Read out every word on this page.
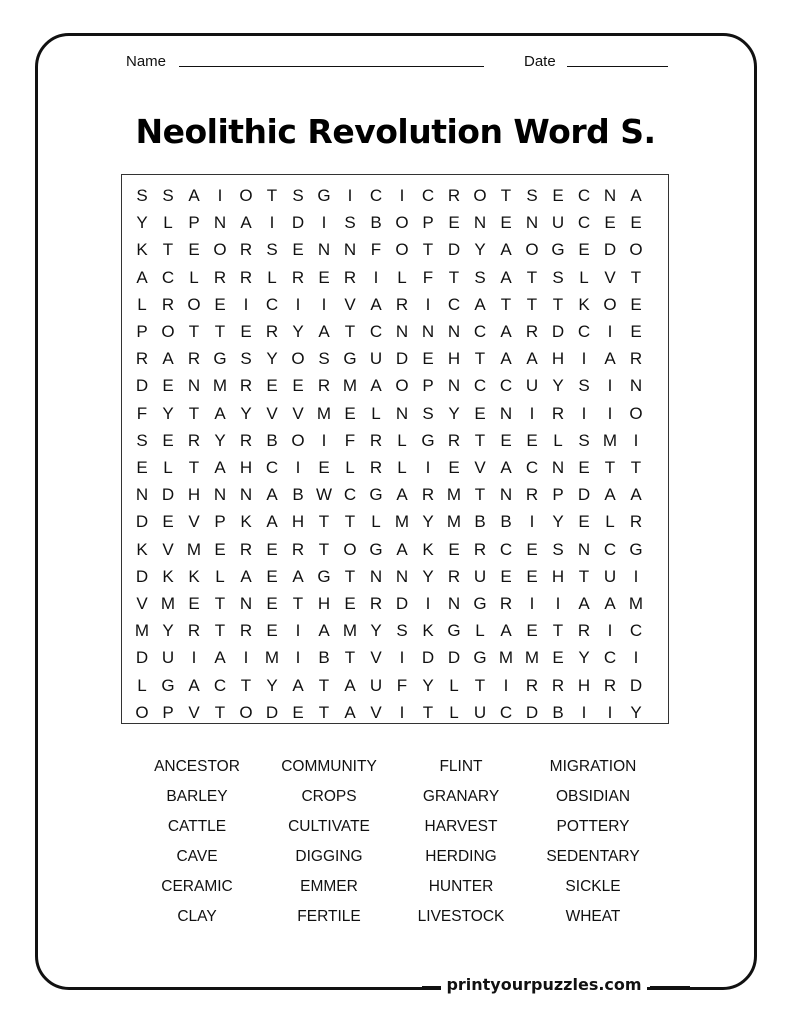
Name	Date
Neolithic Revolution Word S.
S S A	I	O T S G	I	C	I	C R O T S E C N A
Y L P N A	I	D	I	S B O P E N E N U C E E
K T E O R S E N N F O T D Y A O G E D O
A C L R R L R E R	I	L F T S A T S L V T
L R O E	I	C	I	I	V A R	I	C A T T T K O E
P O T T E R Y A T C N N N C A R D C	I	E
R A R G S Y O S G U D E H T A A H	I	A R
D E N M R E E R M A O P N C C U Y S	I	N
F Y T A Y V V M E L N S Y E N	I	R	I	I	O
S E R Y R B O	I	F R L G R T E E L S M I
E L T A H C	I	E L R L	I	E V A C N E T T
N D H N N A B W C G A R M T N R P D A A
D E V P K A H T T L M Y M B B	I	Y E L R
K V M E R E R T O G A K E R C E S N C G
D K K L A E A G T N N Y R U E E H T U	I
V M E T N E T H E R D	I	N G R	I	I	A A M
M Y R T R E	I	A M Y S K G L A E T R	I	C
D U	I	A	I M I	B T V	I	D D G M M E Y C	I
L G A C T Y A T A U F Y L T	I	R R H R D
O P V T O D E T A V	I	T L U C D B	I	I	Y
ANCESTOR	COMMUNITY	FLINT	MIGRATION
BARLEY	CROPS	GRANARY	OBSIDIAN
CATTLE	CULTIVATE	HARVEST	POTTERY
CAVE	DIGGING	HERDING	SEDENTARY
CERAMIC	EMMER	HUNTER	SICKLE
CLAY	FERTILE	LIVESTOCK	WHEAT
printyourpuzzles.com
